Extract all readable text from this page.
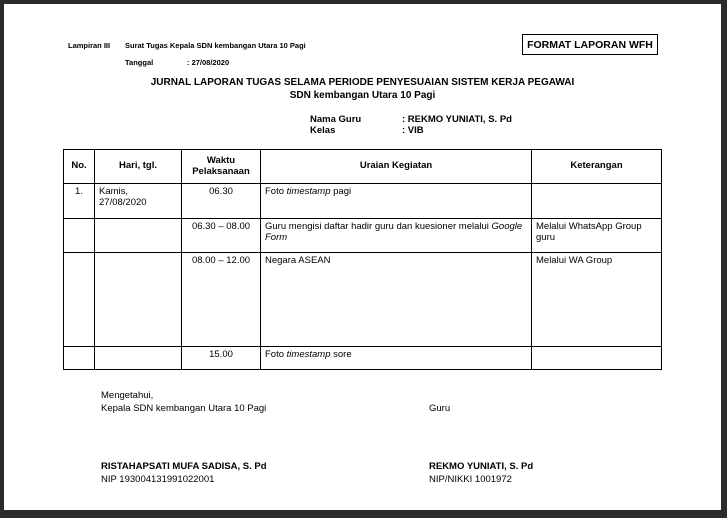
Lampiran III Surat Tugas Kepala SDN kembangan Utara 10 Pagi
Tanggal	: 27/08/2020
FORMAT LAPORAN WFH
JURNAL LAPORAN TUGAS SELAMA PERIODE PENYESUAIAN SISTEM KERJA PEGAWAI
SDN kembangan Utara 10 Pagi
Nama Guru	: REKMO YUNIATI, S. Pd
Kelas	: VIB
No.	Hari, tgl.	Waktu Pelaksanaan	Uraian Kegiatan	Keterangan
1.	Kamis, 27/08/2020	06.30	Foto timestamp pagi	
		06.30 – 08.00	Guru mengisi daftar hadir guru dan kuesioner melalui Google Form	Melalui WhatsApp Group guru
		08.00 – 12.00	Negara ASEAN	Melalui WA Group
		15.00	Foto timestamp sore	
Mengetahui,
Kepala SDN kembangan Utara 10 Pagi	Guru
RISTAHAPSATI MUFA SADISA, S. Pd
NIP 193004131991022001
REKMO YUNIATI, S. Pd
NIP/NIKKI 1001972
